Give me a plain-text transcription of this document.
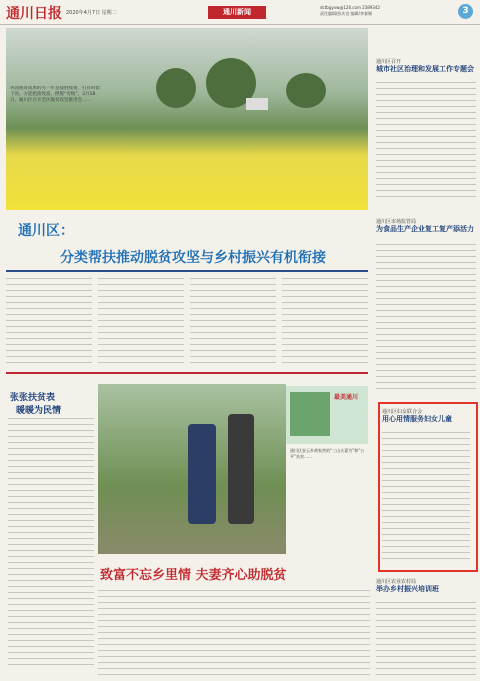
通川日报 2020年4月7日 星期二	通川新闻
dctbgyxw@126.com 2389342
责任编辑/彭庆良 编辑/李春顺	3
巩固脱贫成果的另一步是战胜疫情，打有时留下的，方能把准致富，摆脱“穷根”。3月18日，通川区召开全区脱贫攻坚推进会……
通川区：
分类帮扶推动脱贫攻坚与乡村振兴有机衔接
张张扶贫表
暖暖为民情
最美通川
通川区安云乡黄家营的“三山夫妻为”和“公平”扶贫……
致富不忘乡里情 夫妻齐心助脱贫
通川区召开
城市社区治理和发展工作专题会
通川区市场监管局
为食品生产企业复工复产添活力
通川区妇女联合会
用心用情服务妇女儿童
通川区农业农村局
举办乡村振兴培训班
